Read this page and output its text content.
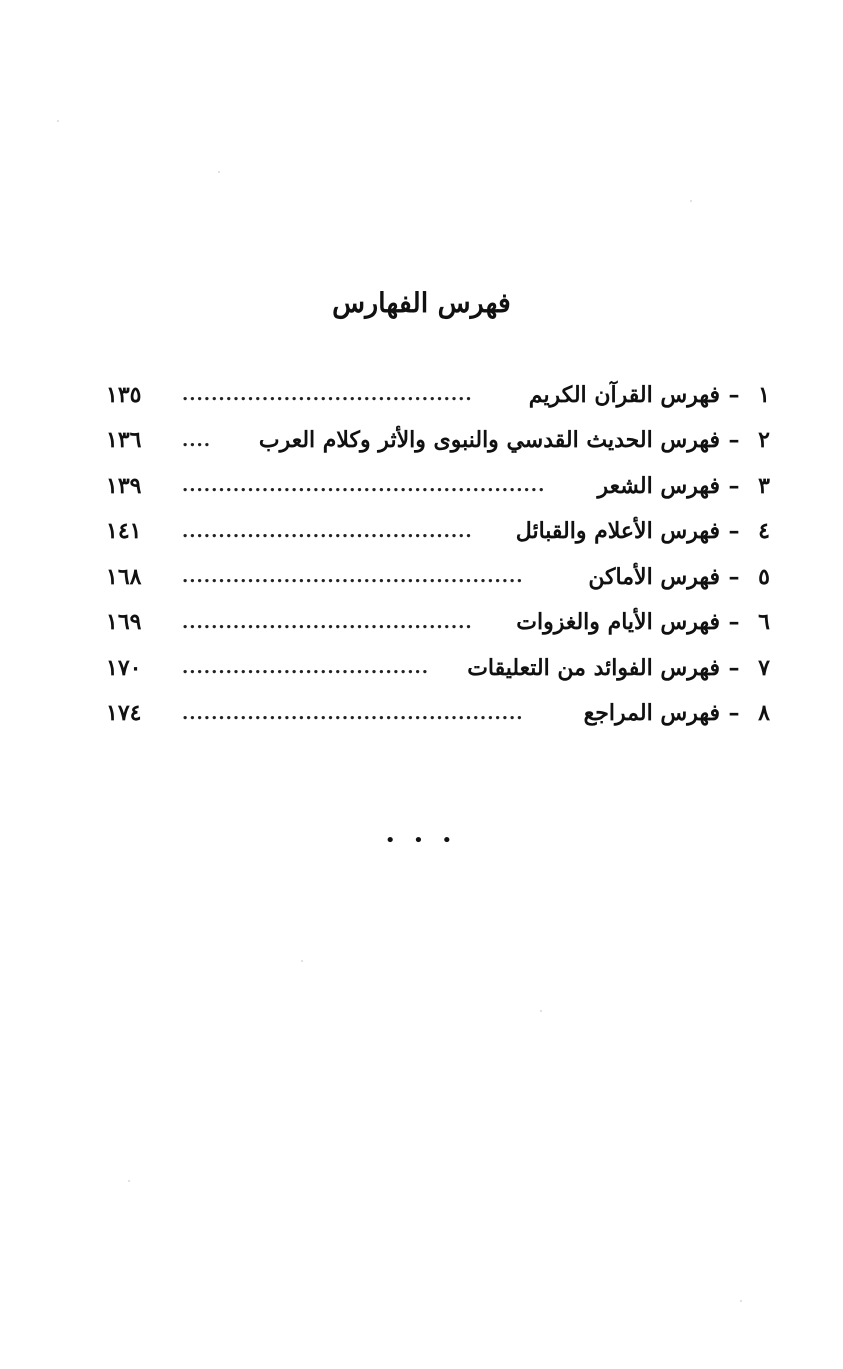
فهرس الفهارس
١
–
فهرس القرآن الكريم
........................................
١٣٥
٢
–
فهرس الحديث القدسي والنبوى والأثر وكلام العرب
....
١٣٦
٣
–
فهرس الشعر
..................................................
١٣٩
٤
–
فهرس الأعلام والقبائل
........................................
١٤١
٥
–
فهرس الأماكن
...............................................
١٦٨
٦
–
فهرس الأيام والغزوات
........................................
١٦٩
٧
–
فهرس الفوائد من التعليقات
..................................
١٧٠
٨
–
فهرس المراجع
...............................................
١٧٤
• • •
